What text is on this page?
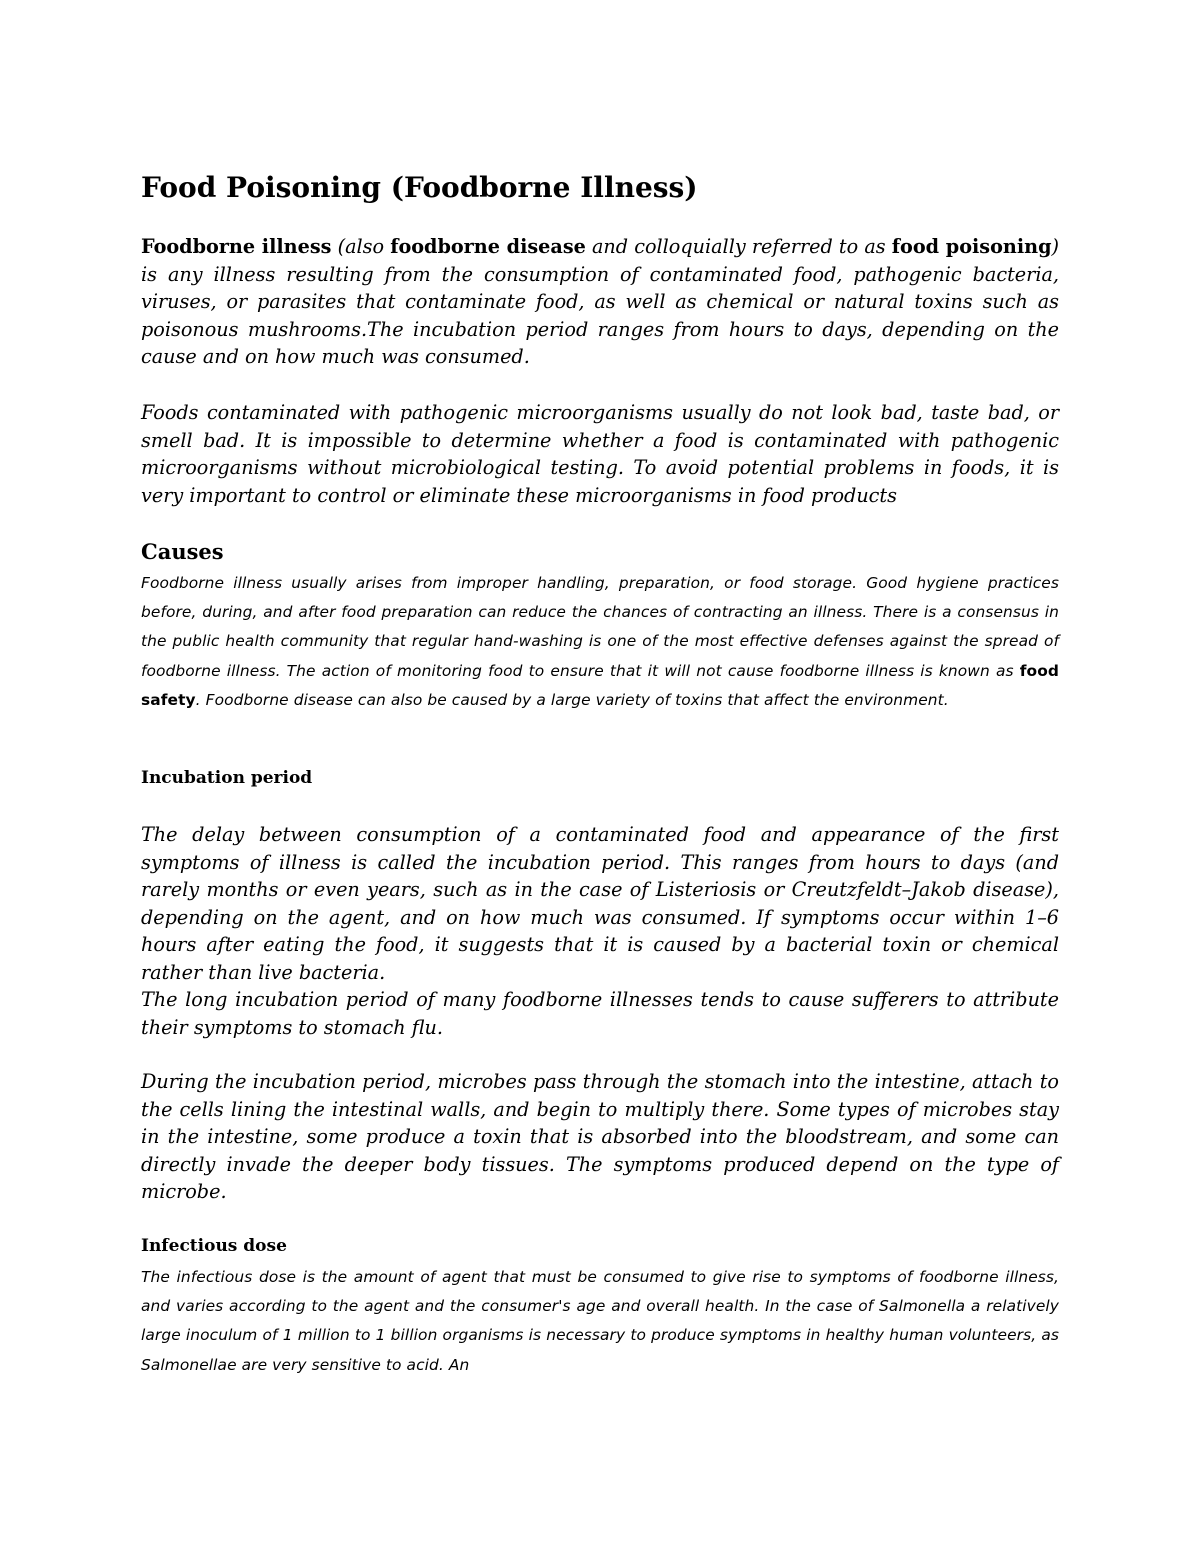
Food Poisoning (Foodborne Illness)

Foodborne illness (also foodborne disease and colloquially referred to as food poisoning) is any illness resulting from the consumption of contaminated food, pathogenic bacteria, viruses, or parasites that contaminate food, as well as chemical or natural toxins such as poisonous mushrooms.The incubation period ranges from hours to days, depending on the cause and on how much was consumed.

Foods contaminated with pathogenic microorganisms usually do not look bad, taste bad, or smell bad. It is impossible to determine whether a food is contaminated with pathogenic microorganisms without microbiological testing. To avoid potential problems in foods, it is very important to control or eliminate these microorganisms in food products

Causes

Foodborne illness usually arises from improper handling, preparation, or food storage. Good hygiene practices before, during, and after food preparation can reduce the chances of contracting an illness. There is a consensus in the public health community that regular hand-washing is one of the most effective defenses against the spread of foodborne illness. The action of monitoring food to ensure that it will not cause foodborne illness is known as food safety. Foodborne disease can also be caused by a large variety of toxins that affect the environment.

Incubation period

The delay between consumption of a contaminated food and appearance of the first symptoms of illness is called the incubation period. This ranges from hours to days (and rarely months or even years, such as in the case of Listeriosis or Creutzfeldt–Jakob disease), depending on the agent, and on how much was consumed. If symptoms occur within 1–6 hours after eating the food, it suggests that it is caused by a bacterial toxin or chemical rather than live bacteria.

The long incubation period of many foodborne illnesses tends to cause sufferers to attribute their symptoms to stomach flu.

During the incubation period, microbes pass through the stomach into the intestine, attach to the cells lining the intestinal walls, and begin to multiply there. Some types of microbes stay in the intestine, some produce a toxin that is absorbed into the bloodstream, and some can directly invade the deeper body tissues. The symptoms produced depend on the type of microbe.

Infectious dose

The infectious dose is the amount of agent that must be consumed to give rise to symptoms of foodborne illness, and varies according to the agent and the consumer's age and overall health. In the case of Salmonella a relatively large inoculum of 1 million to 1 billion organisms is necessary to produce symptoms in healthy human volunteers, as Salmonellae are very sensitive to acid. An
